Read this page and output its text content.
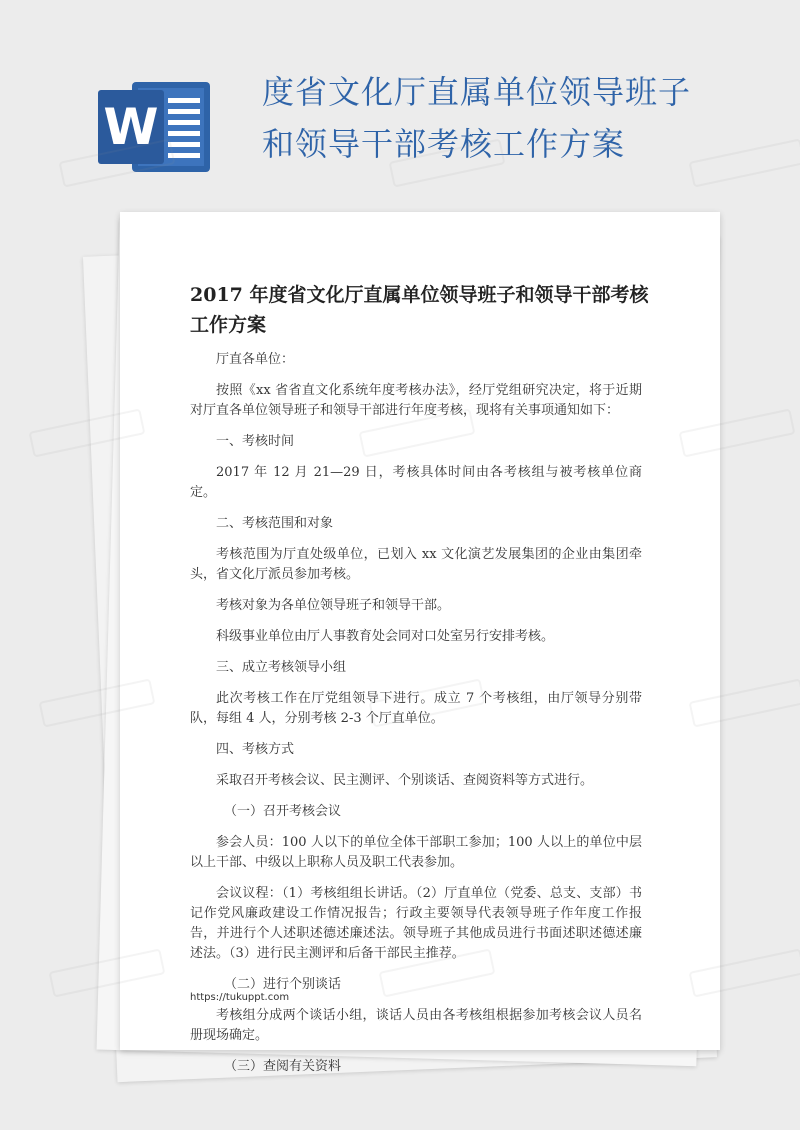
W
度省文化厅直属单位领导班子
和领导干部考核工作方案
2017 年度省文化厅直属单位领导班子和领导干部考核工作方案

厅直各单位：

按照《xx 省省直文化系统年度考核办法》，经厅党组研究决定，将于近期对厅直各单位领导班子和领导干部进行年度考核，现将有关事项通知如下：

一、考核时间

2017 年 12 月 21—29 日，考核具体时间由各考核组与被考核单位商定。

二、考核范围和对象

考核范围为厅直处级单位，已划入 xx 文化演艺发展集团的企业由集团牵头，省文化厅派员参加考核。

考核对象为各单位领导班子和领导干部。

科级事业单位由厅人事教育处会同对口处室另行安排考核。

三、成立考核领导小组

此次考核工作在厅党组领导下进行。成立 7 个考核组，由厅领导分别带队，每组 4 人，分别考核 2-3 个厅直单位。

四、考核方式

采取召开考核会议、民主测评、个别谈话、查阅资料等方式进行。

（一）召开考核会议

参会人员：100 人以下的单位全体干部职工参加；100 人以上的单位中层以上干部、中级以上职称人员及职工代表参加。

会议议程：（1）考核组组长讲话。（2）厅直单位（党委、总支、支部）书记作党风廉政建设工作情况报告；行政主要领导代表领导班子作年度工作报告，并进行个人述职述德述廉述法。领导班子其他成员进行书面述职述德述廉述法。（3）进行民主测评和后备干部民主推荐。

（二）进行个别谈话

考核组分成两个谈话小组，谈话人员由各考核组根据参加考核会议人员名册现场确定。

（三）查阅有关资料

https://tukuppt.com
